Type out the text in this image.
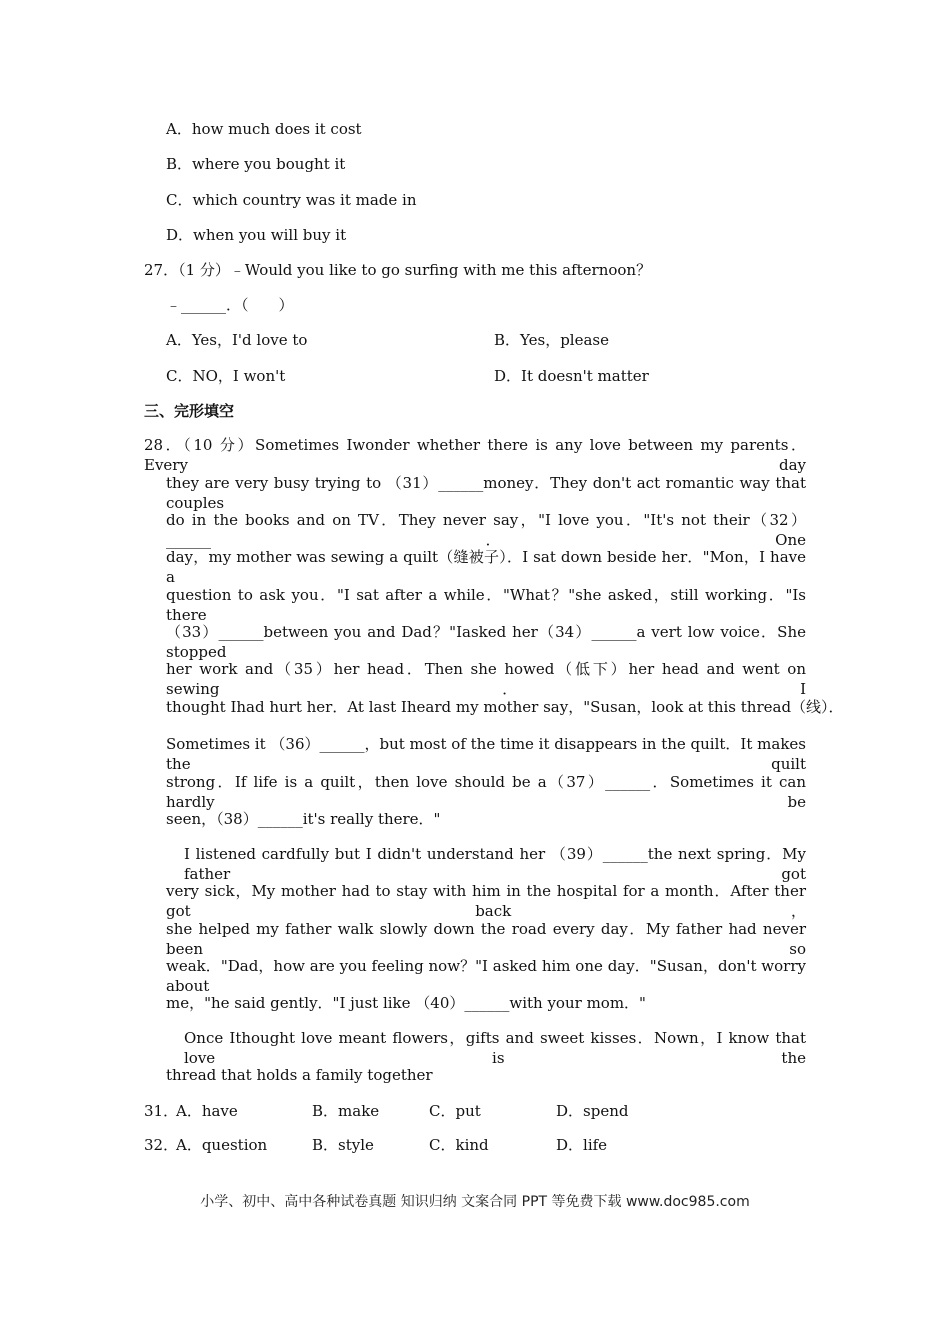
A．how much does it cost
B．where you bought it
C．which country was it made in
D．when you will buy it
27．（1 分）﹣Would you like to go surfing with me this afternoon？
﹣______．（　　）
A．Yes，I'd love to	B．Yes，please
C．NO，I won't	D．It doesn't matter
三、完形填空
28．（10 分）Sometimes Iwonder whether there is any love between my parents．Every day
they are very busy trying to （31）______money．They don't act romantic way that couples
do in the books and on TV．They never say，"I love you．"It's not their（32）______．One
day，my mother was sewing a quilt（缝被子）．I sat down beside her．"Mon，I have a
question to ask you．"I sat after a while．"What？"she asked，still working．"Is there
（33）______between you and Dad？"Iasked her（34）______a vert low voice．She stopped
her work and（35）her head．Then she howed（低下）her head and went on sewing．I
thought Ihad hurt her．At last Iheard my mother say，"Susan，look at this thread（线）．
Sometimes it （36）______，but most of the time it disappears in the quilt．It makes the quilt
strong．If life is a quilt，then love should be a（37）______．Sometimes it can hardly be
seen，（38）______it's really there．"
I listened cardfully but I didn't understand her （39）______the next spring．My father got
very sick，My mother had to stay with him in the hospital for a month．After ther got back，
she helped my father walk slowly down the road every day．My father had never been so
weak．"Dad，how are you feeling now？"I asked him one day．"Susan，don't worry about
me，"he said gently．"I just like （40）______with your mom．"
Once Ithought love meant flowers，gifts and sweet kisses．Nown，I know that love is the
thread that holds a family together
31．
A．have	B．make	C．put	D．spend
32．
A．question	B．style	C．kind	D．life
小学、初中、高中各种试卷真题 知识归纳 文案合同 PPT 等免费下载 www.doc985.com
